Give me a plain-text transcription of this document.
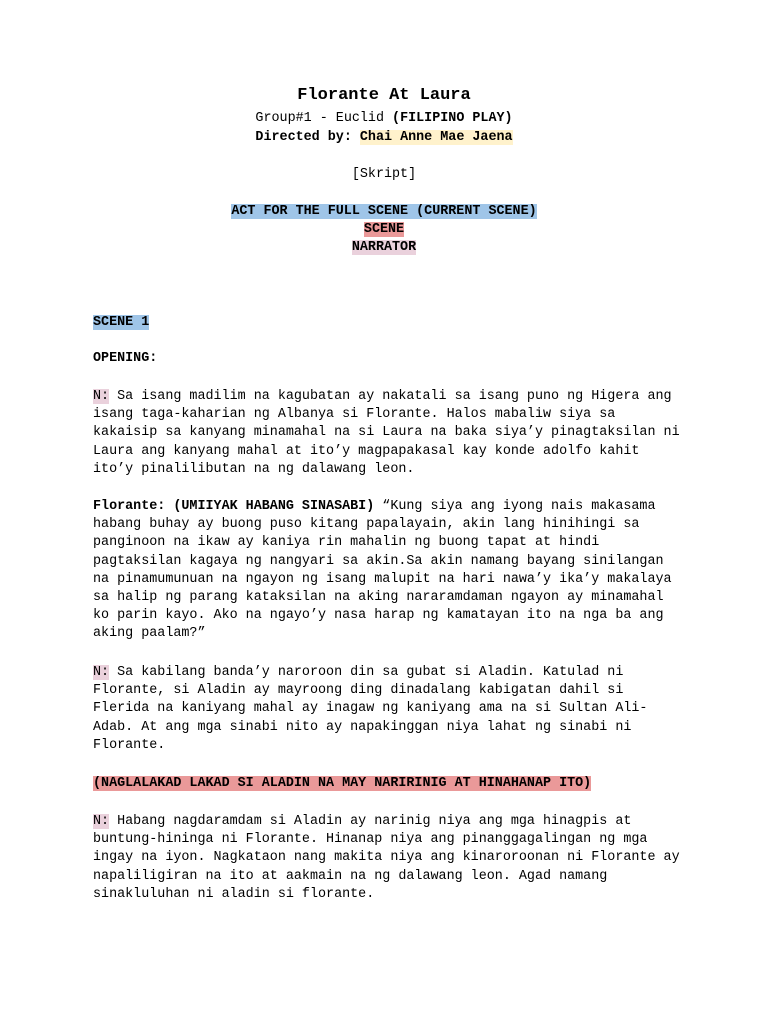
Florante At Laura
Group#1 - Euclid (FILIPINO PLAY)
Directed by: Chai Anne Mae Jaena
[Skript]
ACT FOR THE FULL SCENE (CURRENT SCENE)
SCENE
NARRATOR
SCENE 1
OPENING:

N: Sa isang madilim na kagubatan ay nakatali sa isang puno ng Higera ang isang taga-kaharian ng Albanya si Florante. Halos mabaliw siya sa kakaisip sa kanyang minamahal na si Laura na baka siya’y pinagtaksilan ni Laura ang kanyang mahal at ito’y magpapakasal kay konde adolfo kahit ito’y pinalilibutan na ng dalawang leon.

Florante: (UMIIYAK HABANG SINASABI) “Kung siya ang iyong nais makasama habang buhay ay buong puso kitang papalayain, akin lang hinihingi sa panginoon na ikaw ay kaniya rin mahalin ng buong tapat at hindi pagtaksilan kagaya ng nangyari sa akin.Sa akin namang bayang sinilangan na pinamumunuan na ngayon ng isang malupit na hari nawa’y ika’y makalaya sa halip ng parang kataksilan na aking nararamdaman ngayon ay minamahal ko parin kayo. Ako na ngayo’y nasa harap ng kamatayan ito na nga ba ang aking paalam?”

N: Sa kabilang banda’y naroroon din sa gubat si Aladin. Katulad ni Florante, si Aladin ay mayroong ding dinadalang kabigatan dahil si Flerida na kaniyang mahal ay inagaw ng kaniyang ama na si Sultan Ali-Adab. At ang mga sinabi nito ay napakinggan niya lahat ng sinabi ni Florante.

(NAGLALAKAD LAKAD SI ALADIN NA MAY NARIRINIG AT HINAHANAP ITO)

N: Habang nagdaramdam si Aladin ay narinig niya ang mga hinagpis at buntung-hininga ni Florante. Hinanap niya ang pinanggagalingan ng mga ingay na iyon. Nagkataon nang makita niya ang kinaroroonan ni Florante ay napaliligiran na ito at aakmain na ng dalawang leon. Agad namang sinakluluhan ni aladin si florante.
